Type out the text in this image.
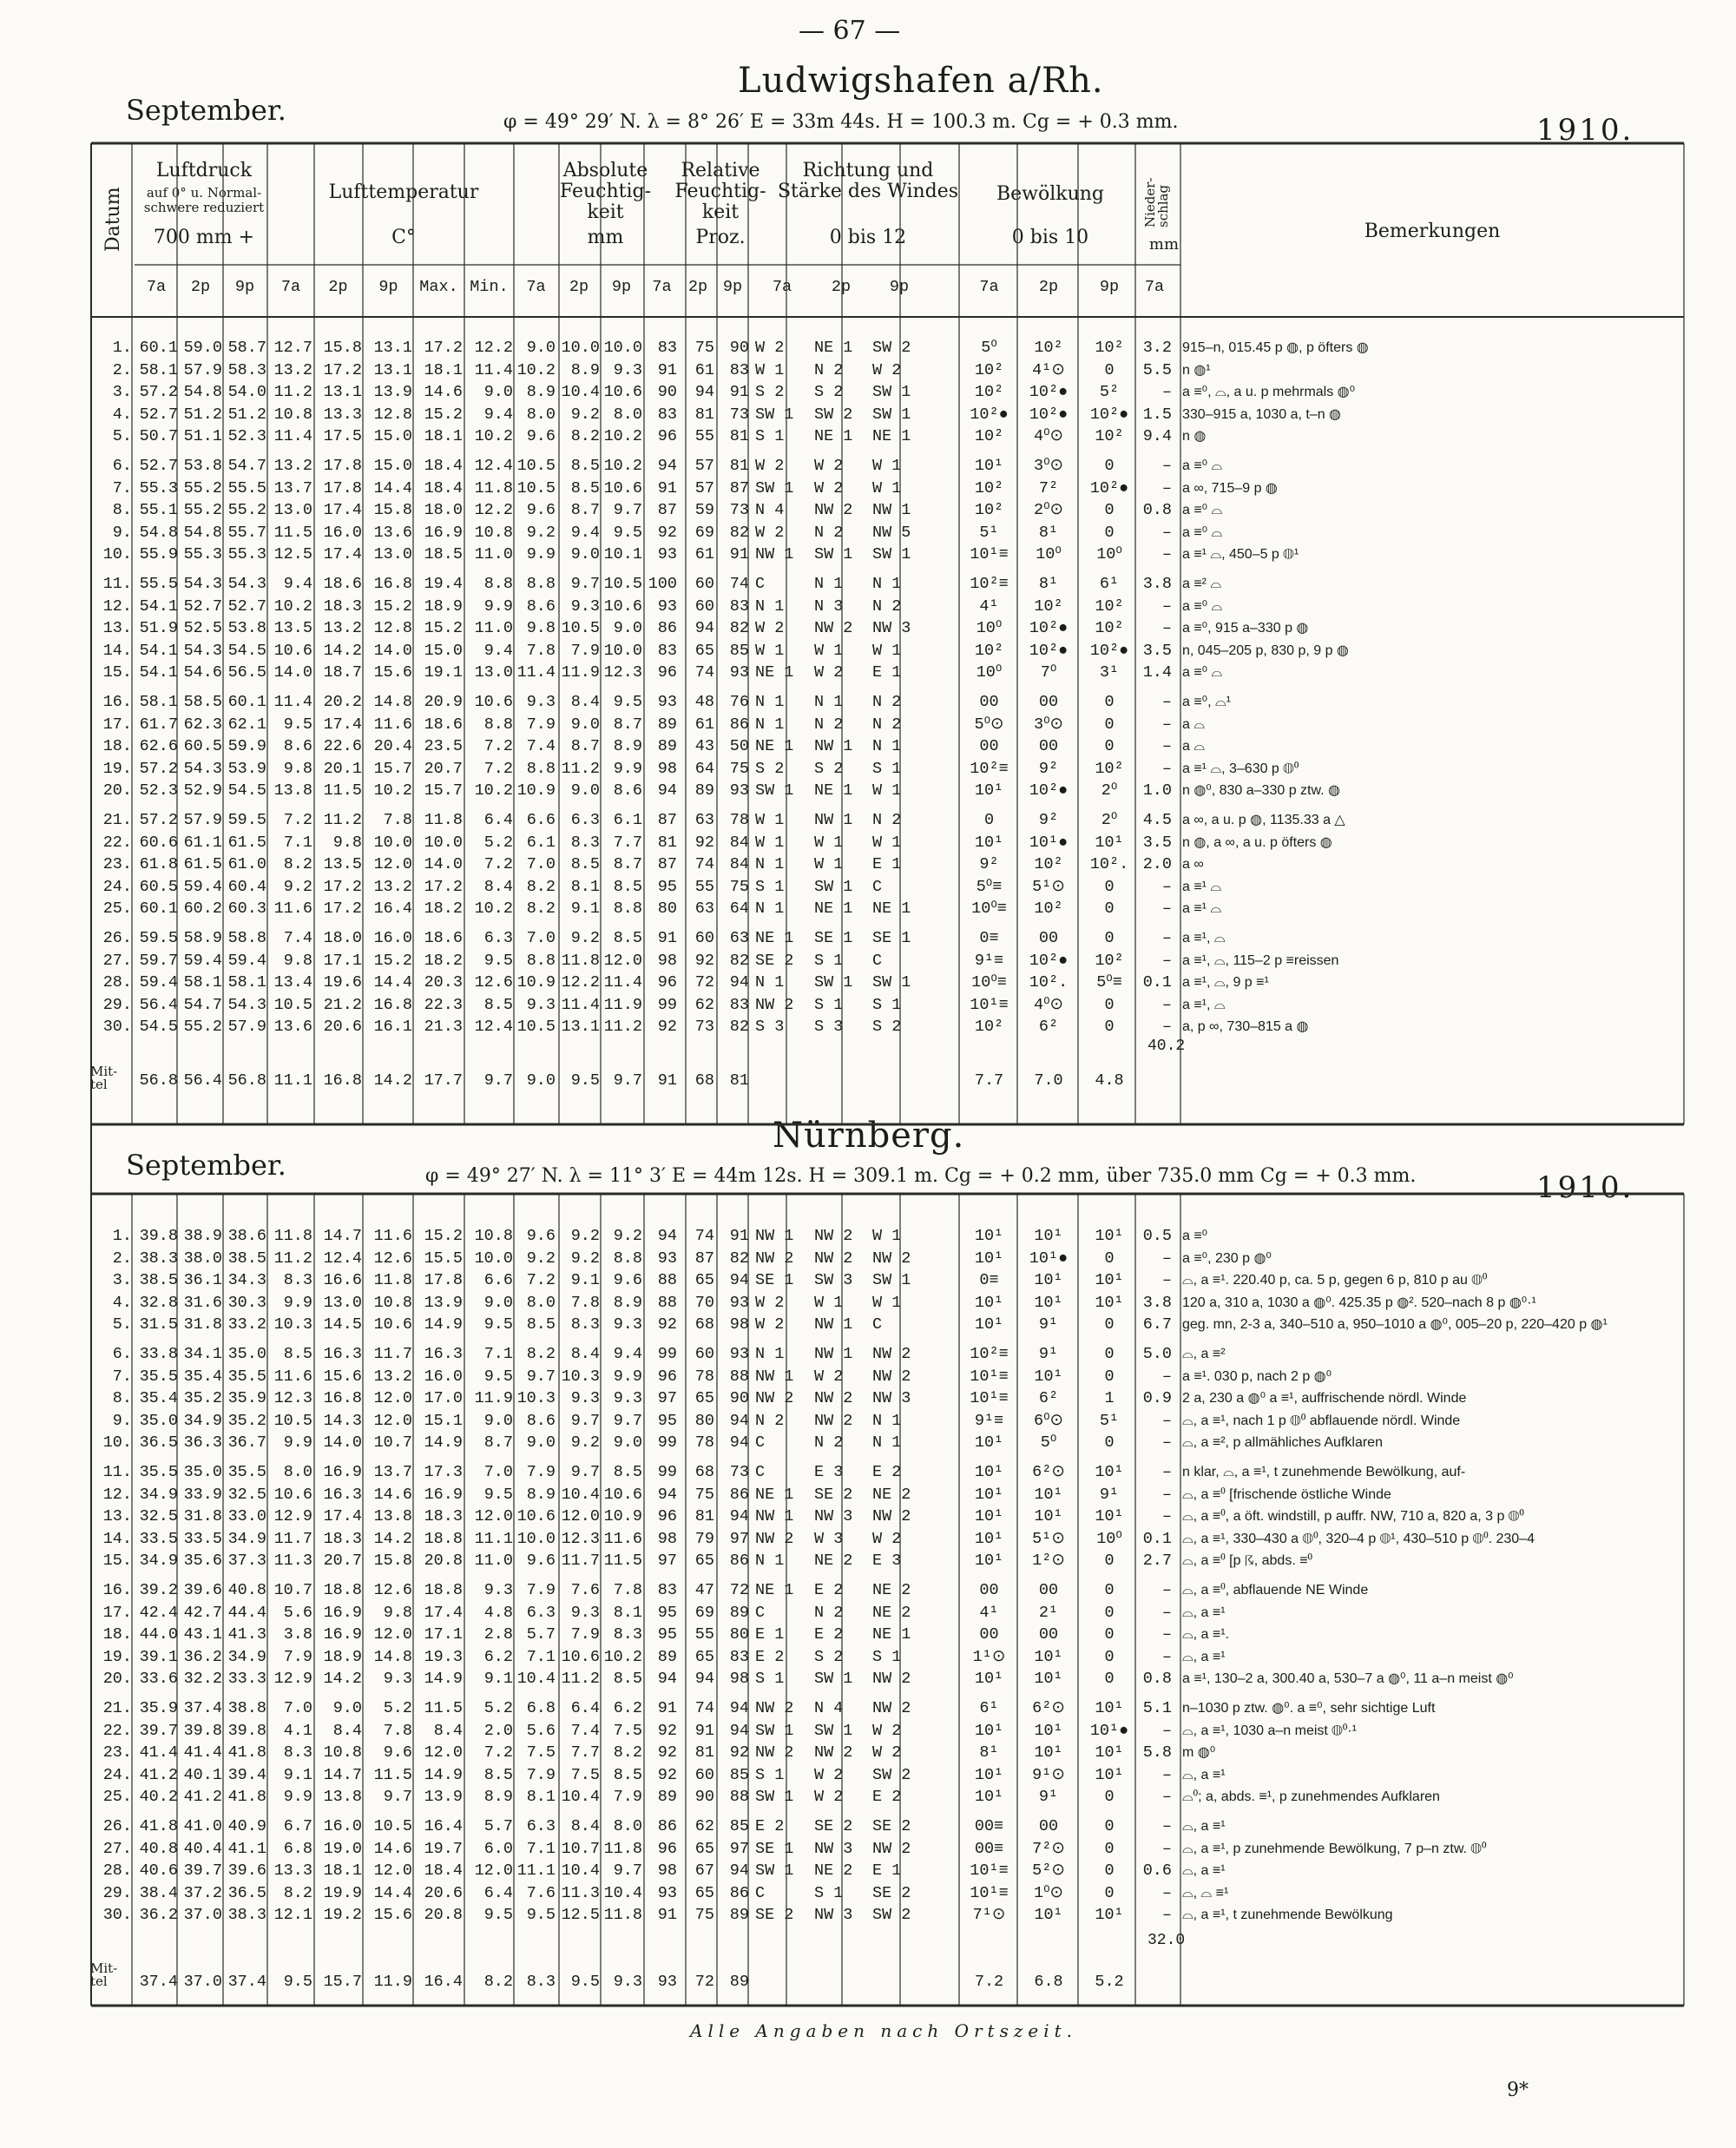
— 67 —
Ludwigshafen a/Rh.
September.	φ = 49° 29′ N. λ = 8° 26′ E = 33m 44s. H = 100.3 m. Cg = + 0.3 mm.	1910.
Datum
Luftdruck
auf 0° u. Normal-schwere reduziert
700 mm +
Lufttemperatur
C°
Absolute Feuchtig-keit
mm
Relative Feuchtig-keit
Proz.
Richtung und Stärke des Windes
0 bis 12
Bewölkung
0 bis 10
Nieder-schlag
mm
Bemerkungen
7a	2p	9p	7a	2p	9p	Max. Min.	7a	2p	9p	7a	2p 9p	7a	2p	9p	7a	2p	9p	7a
1. 60.1 59.0 58.7 12.7 15.8 13.1 17.2 12.2 9.0 10.0 10.0 83	75 90 W 2	NE 1	SW 2	5⁰	10²	10²	3.2 915–n, 015.45 p ◍, p öfters ◍
2. 58.1 57.9 58.3 13.2 17.2 13.1 18.1 11.4 10.2 8.9 9.3 91	61 83 W 1	N 2	W 2	10²	4¹⊙	0	5.5 n ◍¹
3. 57.2 54.8 54.0 11.2 13.1 13.9 14.6	9.0 8.9 10.4 10.6 90	94 91 S 2	S 2	SW 1	10²	10²●	5²	– a ≡⁰, ⌓, a u. p mehrmals ◍⁰
4. 52.7 51.2 51.2 10.8 13.3 12.8 15.2	9.4 8.0 9.2 8.0 83	81 73 SW 1	SW 2	SW 1	10²●	10²●	10²● 1.5 330–915 a, 1030 a, t–n ◍
5. 50.7 51.1 52.3 11.4 17.5 15.0 18.1 10.2 9.6 8.2 10.2 96	55 81 S 1	NE 1	NE 1	10²	4⁰⊙	10²	9.4 n ◍
6. 52.7 53.8 54.7 13.2 17.8 15.0 18.4 12.4 10.5 8.5 10.2 94	57 81 W 2	W 2	W 1	10¹	3⁰⊙	0	– a ≡⁰ ⌓
7. 55.3 55.2 55.5 13.7 17.8 14.4 18.4 11.8 10.5 8.5 10.6 91	57 87 SW 1	W 2	W 1	10²	7²	10²●	– a ∞, 715–9 p ◍
8. 55.1 55.2 55.2 13.0 17.4 15.8 18.0 12.2 9.6 8.7 9.7 87	59 73 N 4	NW 2	NW 1	10²	2⁰⊙	0	0.8 a ≡⁰ ⌓
9. 54.8 54.8 55.7 11.5 16.0 13.6 16.9 10.8 9.2 9.4 9.5 92	69 82 W 2	N 2	NW 5	5¹	8¹	0	– a ≡⁰ ⌓
10. 55.9 55.3 55.3 12.5 17.4 13.0 18.5 11.0 9.9 9.0 10.1 93	61 91 NW 1	SW 1	SW 1	10¹≡	10⁰	10⁰	– a ≡¹ ⌓, 450–5 p ◍¹
11. 55.5 54.3 54.3	9.4 18.6 16.8 19.4	8.8 8.8 9.7 10.5 100	60 74 C	N 1	N 1	10²≡	8¹	6¹	3.8 a ≡² ⌓
12. 54.1 52.7 52.7 10.2 18.3 15.2 18.9	9.9 8.6 9.3 10.6 93	60 83 N 1	N 3	N 2	4¹	10²	10²	– a ≡⁰ ⌓
13. 51.9 52.5 53.8 13.5 13.2 12.8 15.2 11.0 9.8 10.5 9.0 86	94 82 W 2	NW 2	NW 3	10⁰	10²●	10²	– a ≡⁰, 915 a–330 p ◍
14. 54.1 54.3 54.5 10.6 14.2 14.0 15.0	9.4 7.8 7.9 10.0 83	65 85 W 1	W 1	W 1	10²	10²●	10²● 3.5 n, 045–205 p, 830 p, 9 p ◍
15. 54.1 54.6 56.5 14.0 18.7 15.6 19.1 13.0 11.4 11.9 12.3 96	74 93 NE 1	W 2	E 1	10⁰	7⁰	3¹	1.4 a ≡⁰ ⌓
16. 58.1 58.5 60.1 11.4 20.2 14.8 20.9 10.6 9.3 8.4 9.5 93	48 76 N 1	N 1	N 2	00	00	0	– a ≡⁰, ⌓¹
17. 61.7 62.3 62.1	9.5 17.4 11.6 18.6	8.8 7.9 9.0 8.7 89	61 86 N 1	N 2	N 2	5⁰⊙	3⁰⊙	0	– a ⌓
18. 62.6 60.5 59.9	8.6 22.6 20.4 23.5	7.2 7.4 8.7 8.9 89	43 50 NE 1	NW 1	N 1	00	00	0	– a ⌓
19. 57.2 54.3 53.9	9.8 20.1 15.7 20.7	7.2 8.8 11.2 9.9 98	64 75 S 2	S 2	S 1	10²≡	9²	10²	– a ≡¹ ⌓, 3–630 p ◍⁰
20. 52.3 52.9 54.5 13.8 11.5 10.2 15.7 10.2 10.9 9.0 8.6 94	89 93 SW 1	NE 1	W 1	10¹	10²●	2⁰	1.0 n ◍⁰, 830 a–330 p ztw. ◍
21. 57.2 57.9 59.5	7.2 11.2	7.8 11.8	6.4 6.6 6.3 6.1 87	63 78 W 1	NW 1	N 2	0	9²	2⁰	4.5 a ∞, a u. p ◍, 1135.33 a △
22. 60.6 61.1 61.5	7.1	9.8 10.0 10.0	5.2 6.1 8.3 7.7 81	92 84 W 1	W 1	W 1	10¹	10¹●	10¹	3.5 n ◍, a ∞, a u. p öfters ◍
23. 61.8 61.5 61.0	8.2 13.5 12.0 14.0	7.2 7.0 8.5 8.7 87	74 84 N 1	W 1	E 1	9²	10²	10². 2.0 a ∞
24. 60.5 59.4 60.4	9.2 17.2 13.2 17.2	8.4 8.2 8.1 8.5 95	55 75 S 1	SW 1	C	5⁰≡	5¹⊙	0	– a ≡¹ ⌓
25. 60.1 60.2 60.3 11.6 17.2 16.4 18.2 10.2 8.2 9.1 8.8 80	63 64 N 1	NE 1	NE 1	10⁰≡	10²	0	– a ≡¹ ⌓
26. 59.5 58.9 58.8	7.4 18.0 16.0 18.6	6.3 7.0 9.2 8.5 91	60 63 NE 1	SE 1	SE 1	0≡	00	0	– a ≡¹, ⌓
27. 59.7 59.4 59.4	9.8 17.1 15.2 18.2	9.5 8.8 11.8 12.0 98	92 82 SE 2	S 1	C	9¹≡	10²●	10²	– a ≡¹, ⌓, 115–2 p ≡reissen
28. 59.4 58.1 58.1 13.4 19.6 14.4 20.3 12.6 10.9 12.2 11.4 96	72 94 N 1	SW 1	SW 1	10⁰≡	10².	5⁰≡	0.1 a ≡¹, ⌓, 9 p ≡¹
29. 56.4 54.7 54.3 10.5 21.2 16.8 22.3	8.5 9.3 11.4 11.9 99	62 83 NW 2	S 1	S 1	10¹≡	4⁰⊙	0	– a ≡¹, ⌓
30. 54.5 55.2 57.9 13.6 20.6 16.1 21.3 12.4 10.5 13.1 11.2 92	73 82 S 3	S 3	S 2	10²	6²	0	– a, p ∞, 730–815 a ◍
Mit-tel	56.8 56.4 56.8 11.1 16.8 14.2 17.7	9.7 9.0 9.5 9.7 91	68 81	7.7	7.0	4.8
40.2
Nürnberg.
September.	φ = 49° 27′ N. λ = 11° 3′ E = 44m 12s. H = 309.1 m. Cg = + 0.2 mm, über 735.0 mm Cg = + 0.3 mm.	1910.
1. 39.8 38.9 38.6 11.8 14.7 11.6 15.2 10.8 9.6 9.2 9.2 94	74 91 NW 1	NW 2	W 1	10¹	10¹	10¹	0.5 a ≡⁰
2. 38.3 38.0 38.5 11.2 12.4 12.6 15.5 10.0 9.2 9.2 8.8 93	87 82 NW 2	NW 2	NW 2	10¹	10¹●	0	– a ≡⁰, 230 p ◍⁰
3. 38.5 36.1 34.3	8.3 16.6 11.8 17.8	6.6 7.2 9.1 9.6 88	65 94 SE 1	SW 3	SW 1	0≡	10¹	10¹	– ⌓, a ≡¹. 220.40 p, ca. 5 p, gegen 6 p, 810 p au ◍⁰
4. 32.8 31.6 30.3	9.9 13.0 10.8 13.9	9.0 8.0 7.8 8.9 88	70 93 W 2	W 1	W 1	10¹	10¹	10¹	3.8 120 a, 310 a, 1030 a ◍⁰. 425.35 p ◍². 520–nach 8 p ◍⁰·¹
5. 31.5 31.8 33.2 10.3 14.5 10.6 14.9	9.5 8.5 8.3 9.3 92	68 98 W 2	NW 1	C	10¹	9¹	0	6.7 geg. mn, 2-3 a, 340–510 a, 950–1010 a ◍⁰, 005–20 p, 220–420 p ◍¹
6. 33.8 34.1 35.0	8.5 16.3 11.7 16.3	7.1 8.2 8.4 9.4 99	60 93 N 1	NW 1	NW 2	10²≡	9¹	0	5.0 ⌓, a ≡²
7. 35.5 35.4 35.5 11.6 15.6 13.2 16.0	9.5 9.7 10.3 9.9 96	78 88 NW 1	W 2	NW 2	10¹≡	10¹	0	– a ≡¹. 030 p, nach 2 p ◍⁰
8. 35.4 35.2 35.9 12.3 16.8 12.0 17.0 11.9 10.3 9.3 9.3 97	65 90 NW 2	NW 2	NW 3	10¹≡	6²	1	0.9 2 a, 230 a ◍⁰ a ≡¹, auffrischende nördl. Winde
9. 35.0 34.9 35.2 10.5 14.3 12.0 15.1	9.0 8.6 9.7 9.7 95	80 94 N 2	NW 2	N 1	9¹≡	6⁰⊙	5¹	– ⌓, a ≡¹, nach 1 p ◍⁰ abflauende nördl. Winde
10. 36.5 36.3 36.7	9.9 14.0 10.7 14.9	8.7 9.0 9.2 9.0 99	78 94 C	N 2	N 1	10¹	5⁰	0	– ⌓, a ≡², p allmähliches Aufklaren
11. 35.5 35.0 35.5	8.0 16.9 13.7 17.3	7.0 7.9 9.7 8.5 99	68 73 C	E 3	E 2	10¹	6²⊙	10¹	– n klar, ⌓, a ≡¹, t zunehmende Bewölkung, auf-
12. 34.9 33.9 32.5 10.6 16.3 14.6 16.9	9.5 8.9 10.4 10.6 94	75 86 NE 1	SE 2	NE 2	10¹	10¹	9¹	– ⌓, a ≡⁰ [frischende östliche Winde
13. 32.5 31.8 33.0 12.9 17.4 13.8 18.3 12.0 10.6 12.0 10.9 96	81 94 NW 1	NW 3	NW 2	10¹	10¹	10¹	– ⌓, a ≡⁰, a öft. windstill, p auffr. NW, 710 a, 820 a, 3 p ◍⁰
14. 33.5 33.5 34.9 11.7 18.3 14.2 18.8 11.1 10.0 12.3 11.6 98	79 97 NW 2	W 3	W 2	10¹	5¹⊙	10⁰	0.1 ⌓, a ≡¹, 330–430 a ◍⁰, 320–4 p ◍¹, 430–510 p ◍⁰. 230–4
15. 34.9 35.6 37.3 11.3 20.7 15.8 20.8 11.0 9.6 11.7 11.5 97	65 86 N 1	NE 2	E 3	10¹	1²⊙	0	2.7 ⌓, a ≡⁰ [p ☈, abds. ≡⁰
16. 39.2 39.6 40.8 10.7 18.8 12.6 18.8	9.3 7.9 7.6 7.8 83	47 72 NE 1	E 2	NE 2	00	00	0	– ⌓, a ≡⁰, abflauende NE Winde
17. 42.4 42.7 44.4	5.6 16.9	9.8 17.4	4.8 6.3 9.3 8.1 95	69 89 C	N 2	NE 2	4¹	2¹	0	– ⌓, a ≡¹
18. 44.0 43.1 41.3	3.8 16.9 12.0 17.1	2.8 5.7 7.9 8.3 95	55 80 E 1	E 2	NE 1	00	00	0	– ⌓, a ≡¹.
19. 39.1 36.2 34.9	7.9 18.9 14.8 19.3	6.2 7.1 10.6 10.2 89	65 83 E 2	S 2	S 1	1¹⊙	10¹	0	– ⌓, a ≡¹
20. 33.6 32.2 33.3 12.9 14.2	9.3 14.9	9.1 10.4 11.2 8.5 94	94 98 S 1	SW 1	NW 2	10¹	10¹	0	0.8 a ≡¹, 130–2 a, 300.40 a, 530–7 a ◍⁰, 11 a–n meist ◍⁰
21. 35.9 37.4 38.8	7.0	9.0	5.2 11.5	5.2 6.8 6.4 6.2 91	74 94 NW 2	N 4	NW 2	6¹	6²⊙	10¹	5.1 n–1030 p ztw. ◍⁰. a ≡⁰, sehr sichtige Luft
22. 39.7 39.8 39.8	4.1	8.4	7.8	8.4	2.0 5.6 7.4 7.5 92	91 94 SW 1	SW 1	W 2	10¹	10¹	10¹●	– ⌓, a ≡¹, 1030 a–n meist ◍⁰·¹
23. 41.4 41.4 41.8	8.3 10.8	9.6 12.0	7.2 7.5 7.7 8.2 92	81 92 NW 2	NW 2	W 2	8¹	10¹	10¹	5.8 m ◍⁰
24. 41.2 40.1 39.4	9.1 14.7 11.5 14.9	8.5 7.9 7.5 8.5 92	60 85 S 1	W 2	SW 2	10¹	9¹⊙	10¹	– ⌓, a ≡¹
25. 40.2 41.2 41.8	9.9 13.8	9.7 13.9	8.9 8.1 10.4 7.9 89	90 88 SW 1	W 2	E 2	10¹	9¹	0	– ⌓⁰; a, abds. ≡¹, p zunehmendes Aufklaren
26. 41.8 41.0 40.9	6.7 16.0 10.5 16.4	5.7 6.3 8.4 8.0 86	62 85 E 2	SE 2	SE 2	00≡	00	0	– ⌓, a ≡¹
27. 40.8 40.4 41.1	6.8 19.0 14.6 19.7	6.0 7.1 10.7 11.8 96	65 97 SE 1	NW 3	NW 2	00≡	7²⊙	0	– ⌓, a ≡¹, p zunehmende Bewölkung, 7 p–n ztw. ◍⁰
28. 40.6 39.7 39.6 13.3 18.1 12.0 18.4 12.0 11.1 10.4 9.7 98	67 94 SW 1	NE 2	E 1	10¹≡	5²⊙	0	0.6 ⌓, a ≡¹
29. 38.4 37.2 36.5	8.2 19.9 14.4 20.6	6.4 7.6 11.3 10.4 93	65 86 C	S 1	SE 2	10¹≡	1⁰⊙	0	– ⌓, ⌓ ≡¹
30. 36.2 37.0 38.3 12.1 19.2 15.6 20.8	9.5 9.5 12.5 11.8 91	75 89 SE 2	NW 3	SW 2	7¹⊙	10¹	10¹	– ⌓, a ≡¹, t zunehmende Bewölkung
Mit-tel	37.4 37.0 37.4	9.5 15.7 11.9 16.4	8.2 8.3 9.5 9.3 93	72 89	7.2	6.8	5.2
32.0
Alle Angaben nach Ortszeit.
9*
